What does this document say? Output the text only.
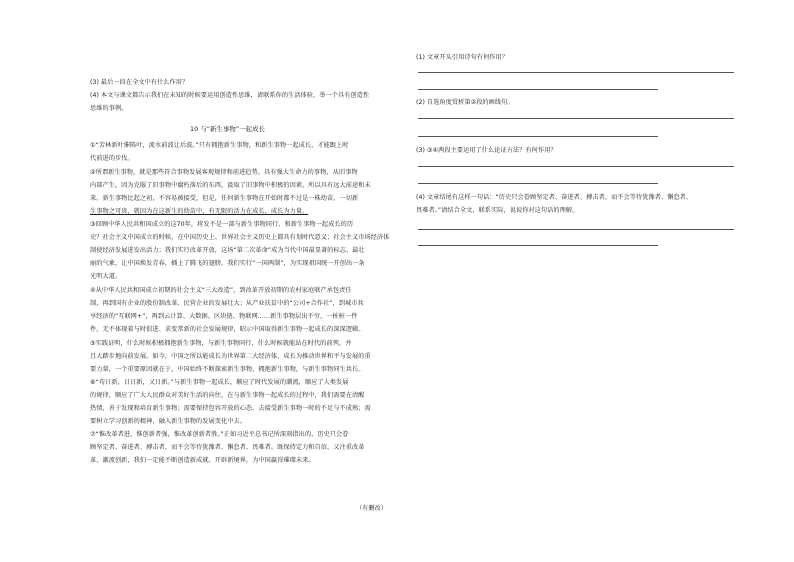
(3) 最后一段在全文中有什么作用？
(4) 本文与课文都告示我们在未知的时候要运用创造性思维，请联系你的生活体验，举一个具有创造性
思维的事例。
10 与“新生事物”一起成长
①“芳林新叶催陈叶，流水前波让后波。”只有拥抱新生事物，和新生事物一起成长，才能跟上时
代前进的步伐。
②所谓新生事物，就是那些符合事物发展客观规律和前进趋势、具有强大生命力的事物，从旧事物
内部产生，因为克服了旧事物中腐朽落后的东西，汲取了旧事物中积极的因素，所以具有远大前途和未
来。新生事物比起之初，不容易被接受，但是，任何新生事物在开始时都不过是一株幼苗，一切新
生事物之可贵，就因为在这新生的幼苗中，有无限的活力在成长，成长为力量。
③回顾中华人民共和国成立的这70年，将发不是一部与新生事物同行、和新生事物一起成长的历
史？社会主义中国成立的时候，在中国历史上、世界社会主义历史上都具有划时代意义；社会主义市场经济体
制使经济发展进发出活力；我们实行改革开放，这场“第二次革命”成为当代中国最显著的标志、最壮
丽的气象，让中国焕发青春，插上了腾飞的翅膀，我们实行“一国两制”，为实现祖国统一开创出一条
光明大道。
④从中华人民共和国成立初期的社会主义“三大改造”，到改革开放初期的农村家庭联产承包责任
制，再到国有企业的股份制改革、民营企业的发展壮大；从产业扶贫中的“公司+合作社”，到城市共
享经济的“互联网+”，再到云计算、大数据、区块链、物联网……新生事物层出不穷，一桩桩一件
件，无不体现着与时俱进、求变常新的社会发展规律，昭示中国取得新生事物一起成长的深深逻辑。
⑤实践证明，什么时候积极拥抱新生事物，与新生事物同行，什么时候就能站在时代的前列，并
且大踏步地向前发展。如今，中国之所以能成长为世界第二大经济体、成长为推动世界和平与发展的重
要力量，一个重要原因就在于，中国始终不断探索新生事物，拥抱新生事物，与新生事物同生共长。
⑥“苟日新，日日新，又日新。”与新生事物一起成长，顺应了时代发展的潮流，顺应了人类发展
的规律，顺应了广大人民群众对美好生活的向往，在与新生事物一起成长的过程中，我们需要在清醒
热情，善于发现和培育新生事物；需要保持包容开放的心态，去接受新生事物一时的不足与不成熟；需
要树立学习创新的精神，融入新生事物的发展变化中去。
⑦“惟改革者进，惟创新者强，惟改革创新者胜。”正如习近平总书记所深刻指出的，历史只会眷
顾坚定者、奋进者、搏击者，而不会等待犹豫者、懈怠者、畏难者。既保持定力和自信，又注重改革
革、激流创新，我们一定能不断创造新成就、开辟新境界，为中国赢得璀璨未来。
（有删改）
(1) 文章开头引用诗句有何作用？
(2) 自选角度赏析第②段的画线句。
(3) ③④两段主要运用了什么论证方法？有何作用？
(4) 文章结尾有这样一句话：“历史只会眷顾坚定者、奋进者、搏击者，而不会等待犹豫者、懈怠者、
畏难者。”请结合全文，联系实际，说说你对这句话的理解。
